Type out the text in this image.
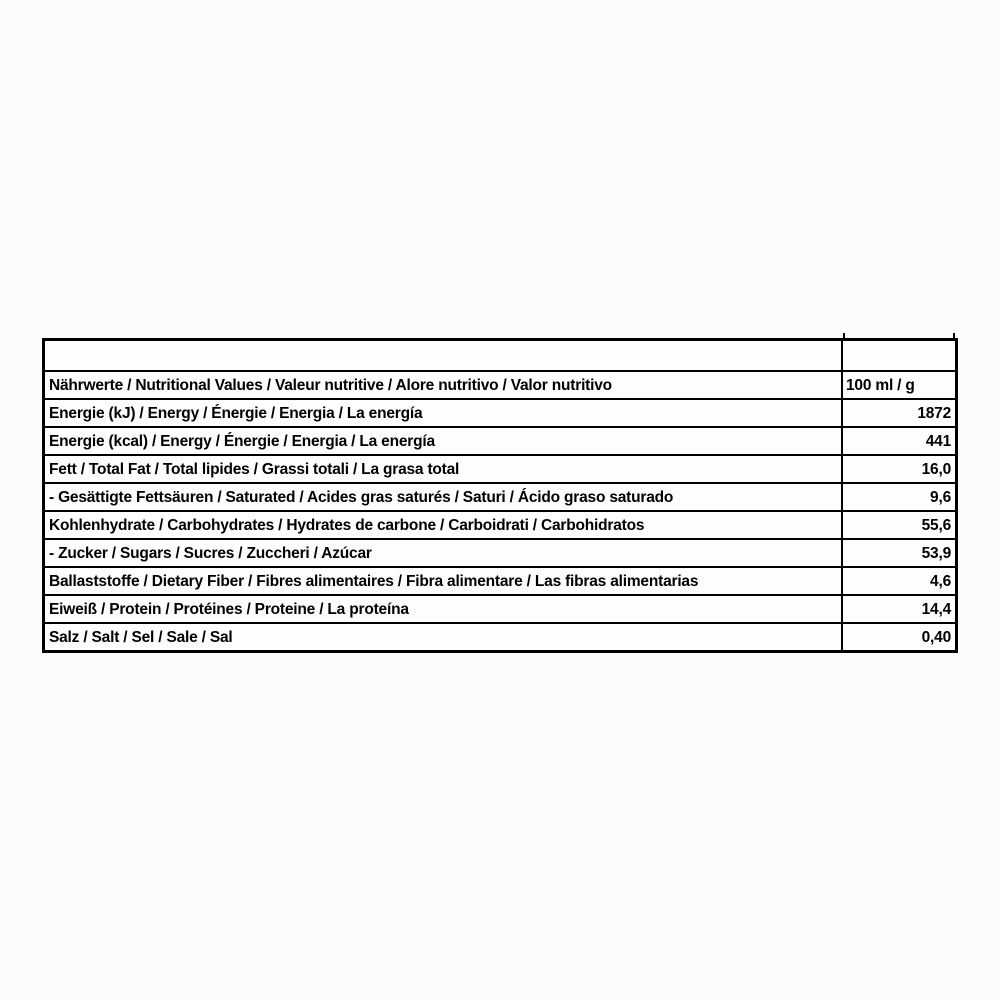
Nährwerte / Nutritional Values / Valeur nutritive / Alore nutritivo / Valor nutritivo	100 ml / g
Energie (kJ) / Energy / Énergie / Energia / La energía	1872
Energie (kcal) / Energy / Énergie / Energia / La energía	441
Fett / Total Fat / Total lipides / Grassi totali / La grasa total	16,0
- Gesättigte Fettsäuren / Saturated / Acides gras saturés / Saturi / Ácido graso saturado	9,6
Kohlenhydrate / Carbohydrates / Hydrates de carbone / Carboidrati / Carbohidratos	55,6
- Zucker / Sugars / Sucres / Zuccheri / Azúcar	53,9
Ballaststoffe / Dietary Fiber / Fibres alimentaires / Fibra alimentare / Las fibras alimentarias	4,6
Eiweiß / Protein / Protéines / Proteine / La proteína	14,4
Salz / Salt / Sel / Sale / Sal	0,40
